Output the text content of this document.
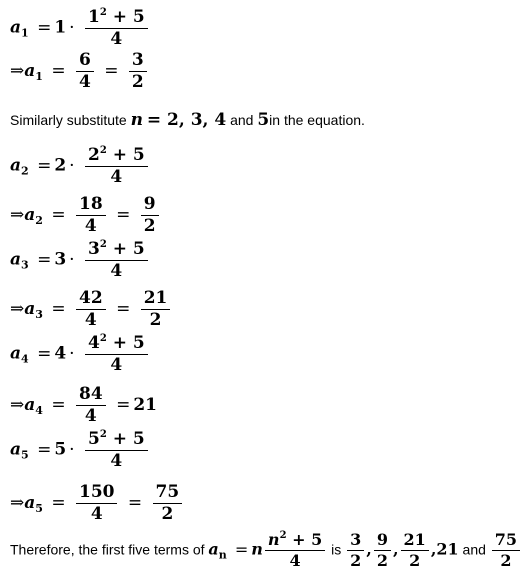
$a_1 = 1 \cdot \frac{1^2 + 5}{4}$
$\Rightarrow a_1 = \frac{6}{4} = \frac{3}{2}$
Similarly substitute n = 2, 3, 4 and 5in the equation.
$a_2 = 2 \cdot \frac{2^2 + 5}{4}$
$\Rightarrow a_2 = \frac{18}{4} = \frac{9}{2}$
$a_3 = 3 \cdot \frac{3^2 + 5}{4}$
$\Rightarrow a_3 = \frac{42}{4} = \frac{21}{2}$
$a_4 = 4 \cdot \frac{4^2 + 5}{4}$
$\Rightarrow a_4 = \frac{84}{4} = 21$
$a_5 = 5 \cdot \frac{5^2 + 5}{4}$
$\Rightarrow a_5 = \frac{150}{4} = \frac{75}{2}$
Therefore, the first five terms of $a_n = n \frac{n^2 + 5}{4}$ is $\frac{3}{2}$ , $\frac{9}{2}$ , $\frac{21}{2} ,21$ and $\frac{75}{2}$
